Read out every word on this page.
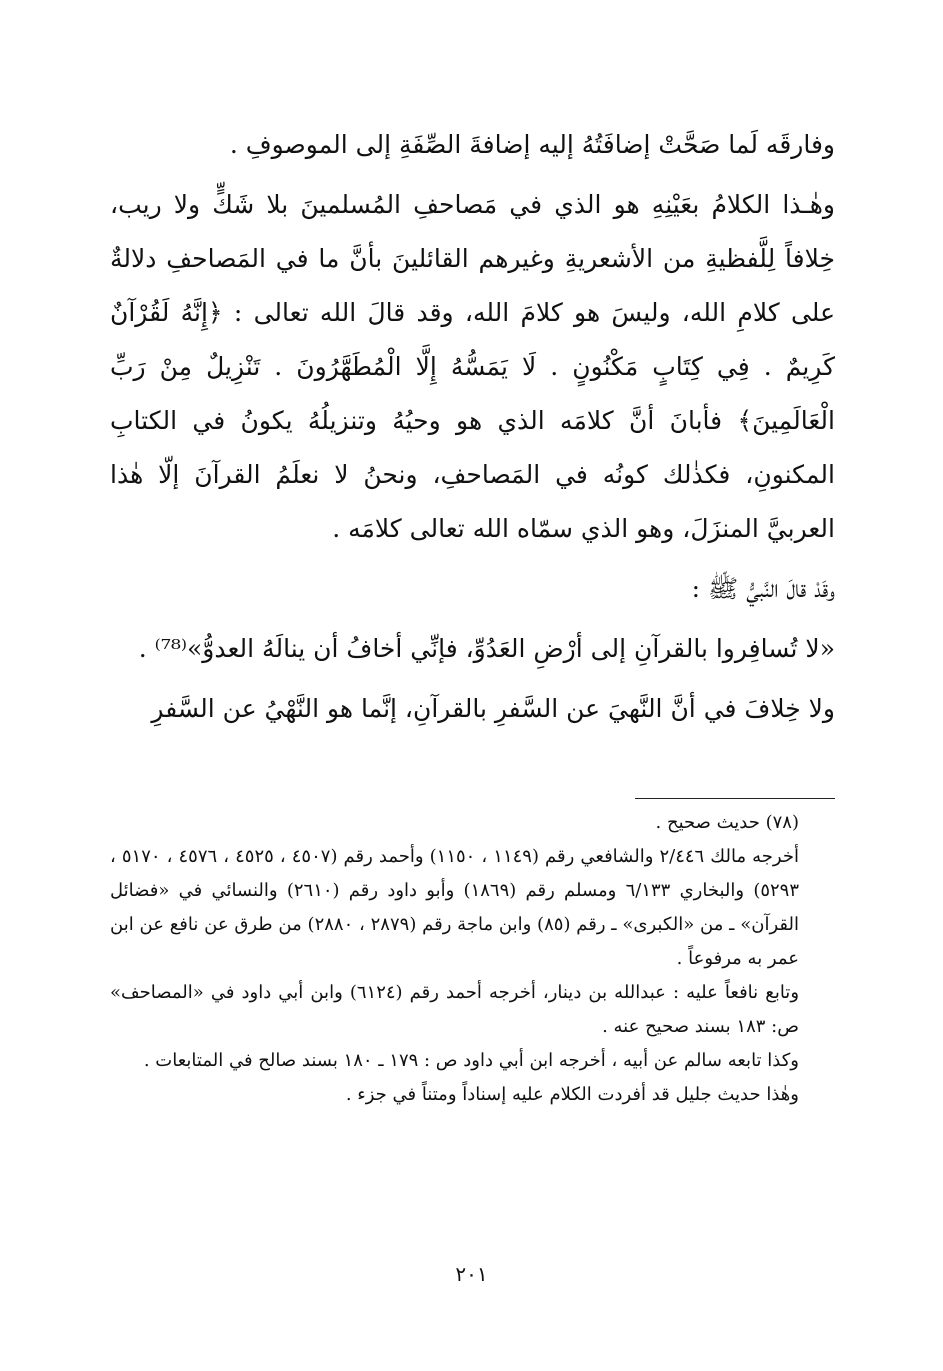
وفارقَه لَما صَحَّتْ إضافَتُهُ إليه إضافةَ الصِّفَةِ إلى الموصوفِ .

وهٰـذا الكلامُ بعَيْنِهِ هو الذي في مَصاحفِ المُسلمينَ بلا شَكٍّ ولا ريب، خِلافاً لِلَّفظيةِ من الأشعريةِ وغيرهم القائلينَ بأنَّ ما في المَصاحفِ دلالةٌ على كلامِ الله، وليسَ هو كلامَ الله، وقد قالَ الله تعالى : ﴿إِنَّهُ لَقُرْآنٌ كَرِيمٌ . فِي كِتَابٍ مَكْنُونٍ . لَا يَمَسُّهُ إِلَّا الْمُطَهَّرُونَ . تَنْزِيلٌ مِنْ رَبِّ الْعَالَمِينَ﴾ فأبانَ أنَّ كلامَه الذي هو وحيُهُ وتنزيلُهُ يكونُ في الكتابِ المكنونِ، فكذٰلك كونُه في المَصاحفِ، ونحنُ لا نعلَمُ القرآنَ إلّا هٰذا العربيَّ المنزَلَ، وهو الذي سمّاه الله تعالى كلامَه .

وقَدْ قالَ النَّبيُّ ﷺ :

«لا تُسافِروا بالقرآنِ إلى أرْضِ العَدُوِّ، فإنِّي أخافُ أن ينالَهُ العدوُّ»⁽⁷⁸⁾ .

ولا خِلافَ في أنَّ النَّهيَ عن السَّفرِ بالقرآنِ، إنَّما هو النَّهْيُ عن السَّفرِ

(٧٨) حديث صحيح .

أخرجه مالك ٢/٤٤٦ والشافعي رقم (١١٤٩ ، ١١٥٠) وأحمد رقم (٤٥٠٧ ، ٤٥٢٥ ، ٤٥٧٦ ، ٥١٧٠ ، ٥٢٩٣) والبخاري ٦/١٣٣ ومسلم رقم (١٨٦٩) وأبو داود رقم (٢٦١٠) والنسائي في «فضائل القرآن» ـ من «الكبرى» ـ رقم (٨٥) وابن ماجة رقم (٢٨٧٩ ، ٢٨٨٠) من طرق عن نافع عن ابن عمر به مرفوعاً .

وتابع نافعاً عليه : عبدالله بن دينار، أخرجه أحمد رقم (٦١٢٤) وابن أبي داود في «المصاحف» ص: ١٨٣ بسند صحيح عنه .

وكذا تابعه سالم عن أبيه ، أخرجه ابن أبي داود ص : ١٧٩ ـ ١٨٠ بسند صالح في المتابعات .

وهٰذا حديث جليل قد أفردت الكلام عليه إسناداً ومتناً في جزء .

٢٠١
